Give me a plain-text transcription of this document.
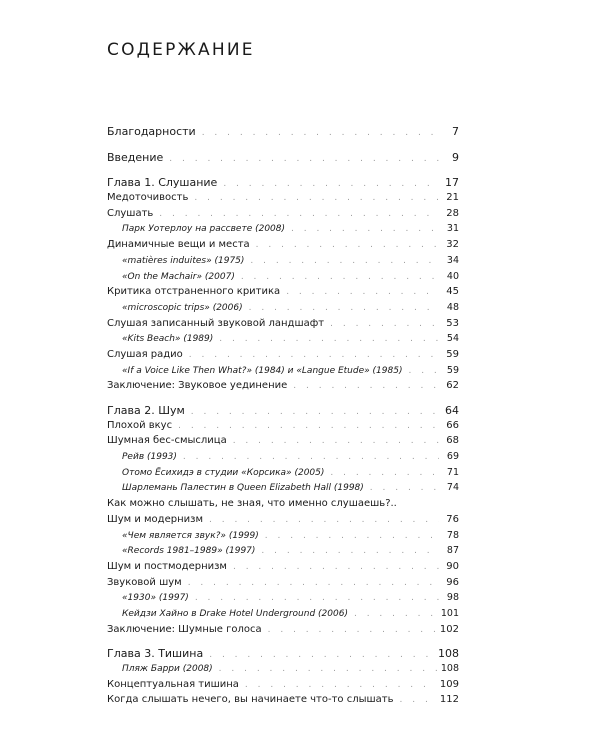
СОДЕРЖАНИЕ
Благодарности . . .	7
Введение . . .	9
Глава 1. Слушание . . .	17
Медоточивость . . .	21
Слушать . . .	28
Парк Уотерлоу на рассвете (2008) . . .	31
Динамичные вещи и места . . .	32
«matières induites» (1975) . . .	34
«On the Machair» (2007) . . .	40
Критика отстраненного критика . . .	45
«microscopic trips» (2006) . . .	48
Слушая записанный звуковой ландшафт . . .	53
«Kits Beach» (1989) . . .	54
Слушая радио . . .	59
«If a Voice Like Then What?» (1984) и «Langue Etude» (1985) . . .	59
Заключение: Звуковое уединение . . .	62
Глава 2. Шум . . .	64
Плохой вкус . . .	66
Шумная бес-смыслица . . .	68
Рейв (1993) . . .	69
Отомо Ёсихидэ в студии «Корсика» (2005) . . .	71
Шарлемань Палестин в Queen Elizabeth Hall (1998) . . .	74
Как можно слышать, не зная, что именно слушаешь?..
Шум и модернизм . . .	76
«Чем является звук?» (1999) . . .	78
«Records 1981–1989» (1997) . . .	87
Шум и постмодернизм . . .	90
Звуковой шум . . .	96
«1930» (1997) . . .	98
Кейдзи Хайно в Drake Hotel Underground (2006) . . .	101
Заключение: Шумные голоса . . .	102
Глава 3. Тишина . . .	108
Пляж Барри (2008) . . .	108
Концептуальная тишина . . .	109
Когда слышать нечего, вы начинаете что-то слышать . . .	112
